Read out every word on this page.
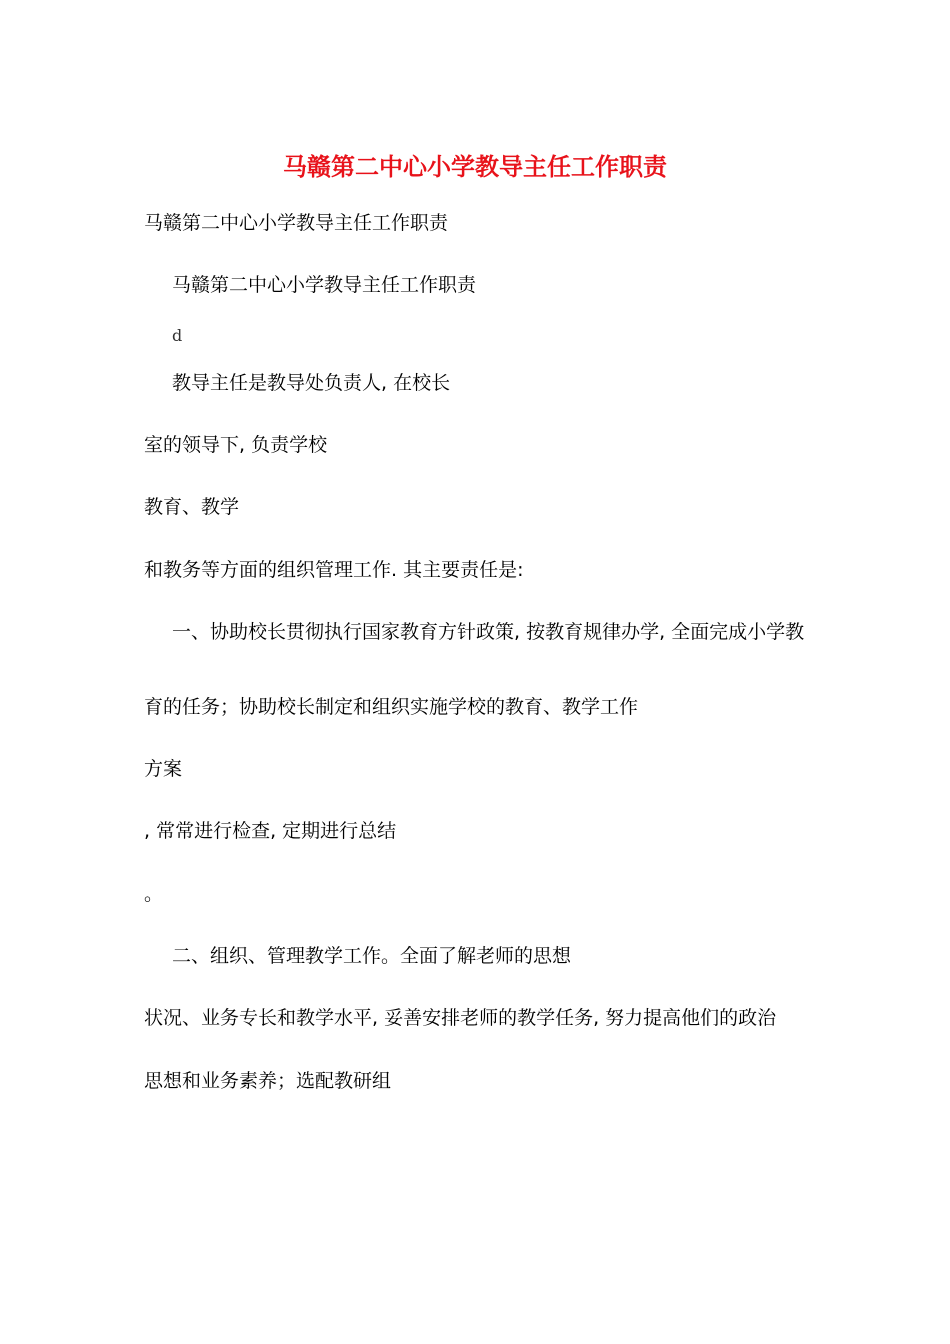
马赣第二中心小学教导主任工作职责
马赣第二中心小学教导主任工作职责
马赣第二中心小学教导主任工作职责
d
教导主任是教导处负责人, 在校长
室的领导下, 负责学校
教育、教学
和教务等方面的组织管理工作. 其主要责任是:
一、协助校长贯彻执行国家教育方针政策, 按教育规律办学, 全面完成小学教
育的任务；协助校长制定和组织实施学校的教育、教学工作
方案
, 常常进行检查, 定期进行总结
。
二、组织、管理教学工作。全面了解老师的思想
状况、业务专长和教学水平, 妥善安排老师的教学任务, 努力提高他们的政治
思想和业务素养；选配教研组
